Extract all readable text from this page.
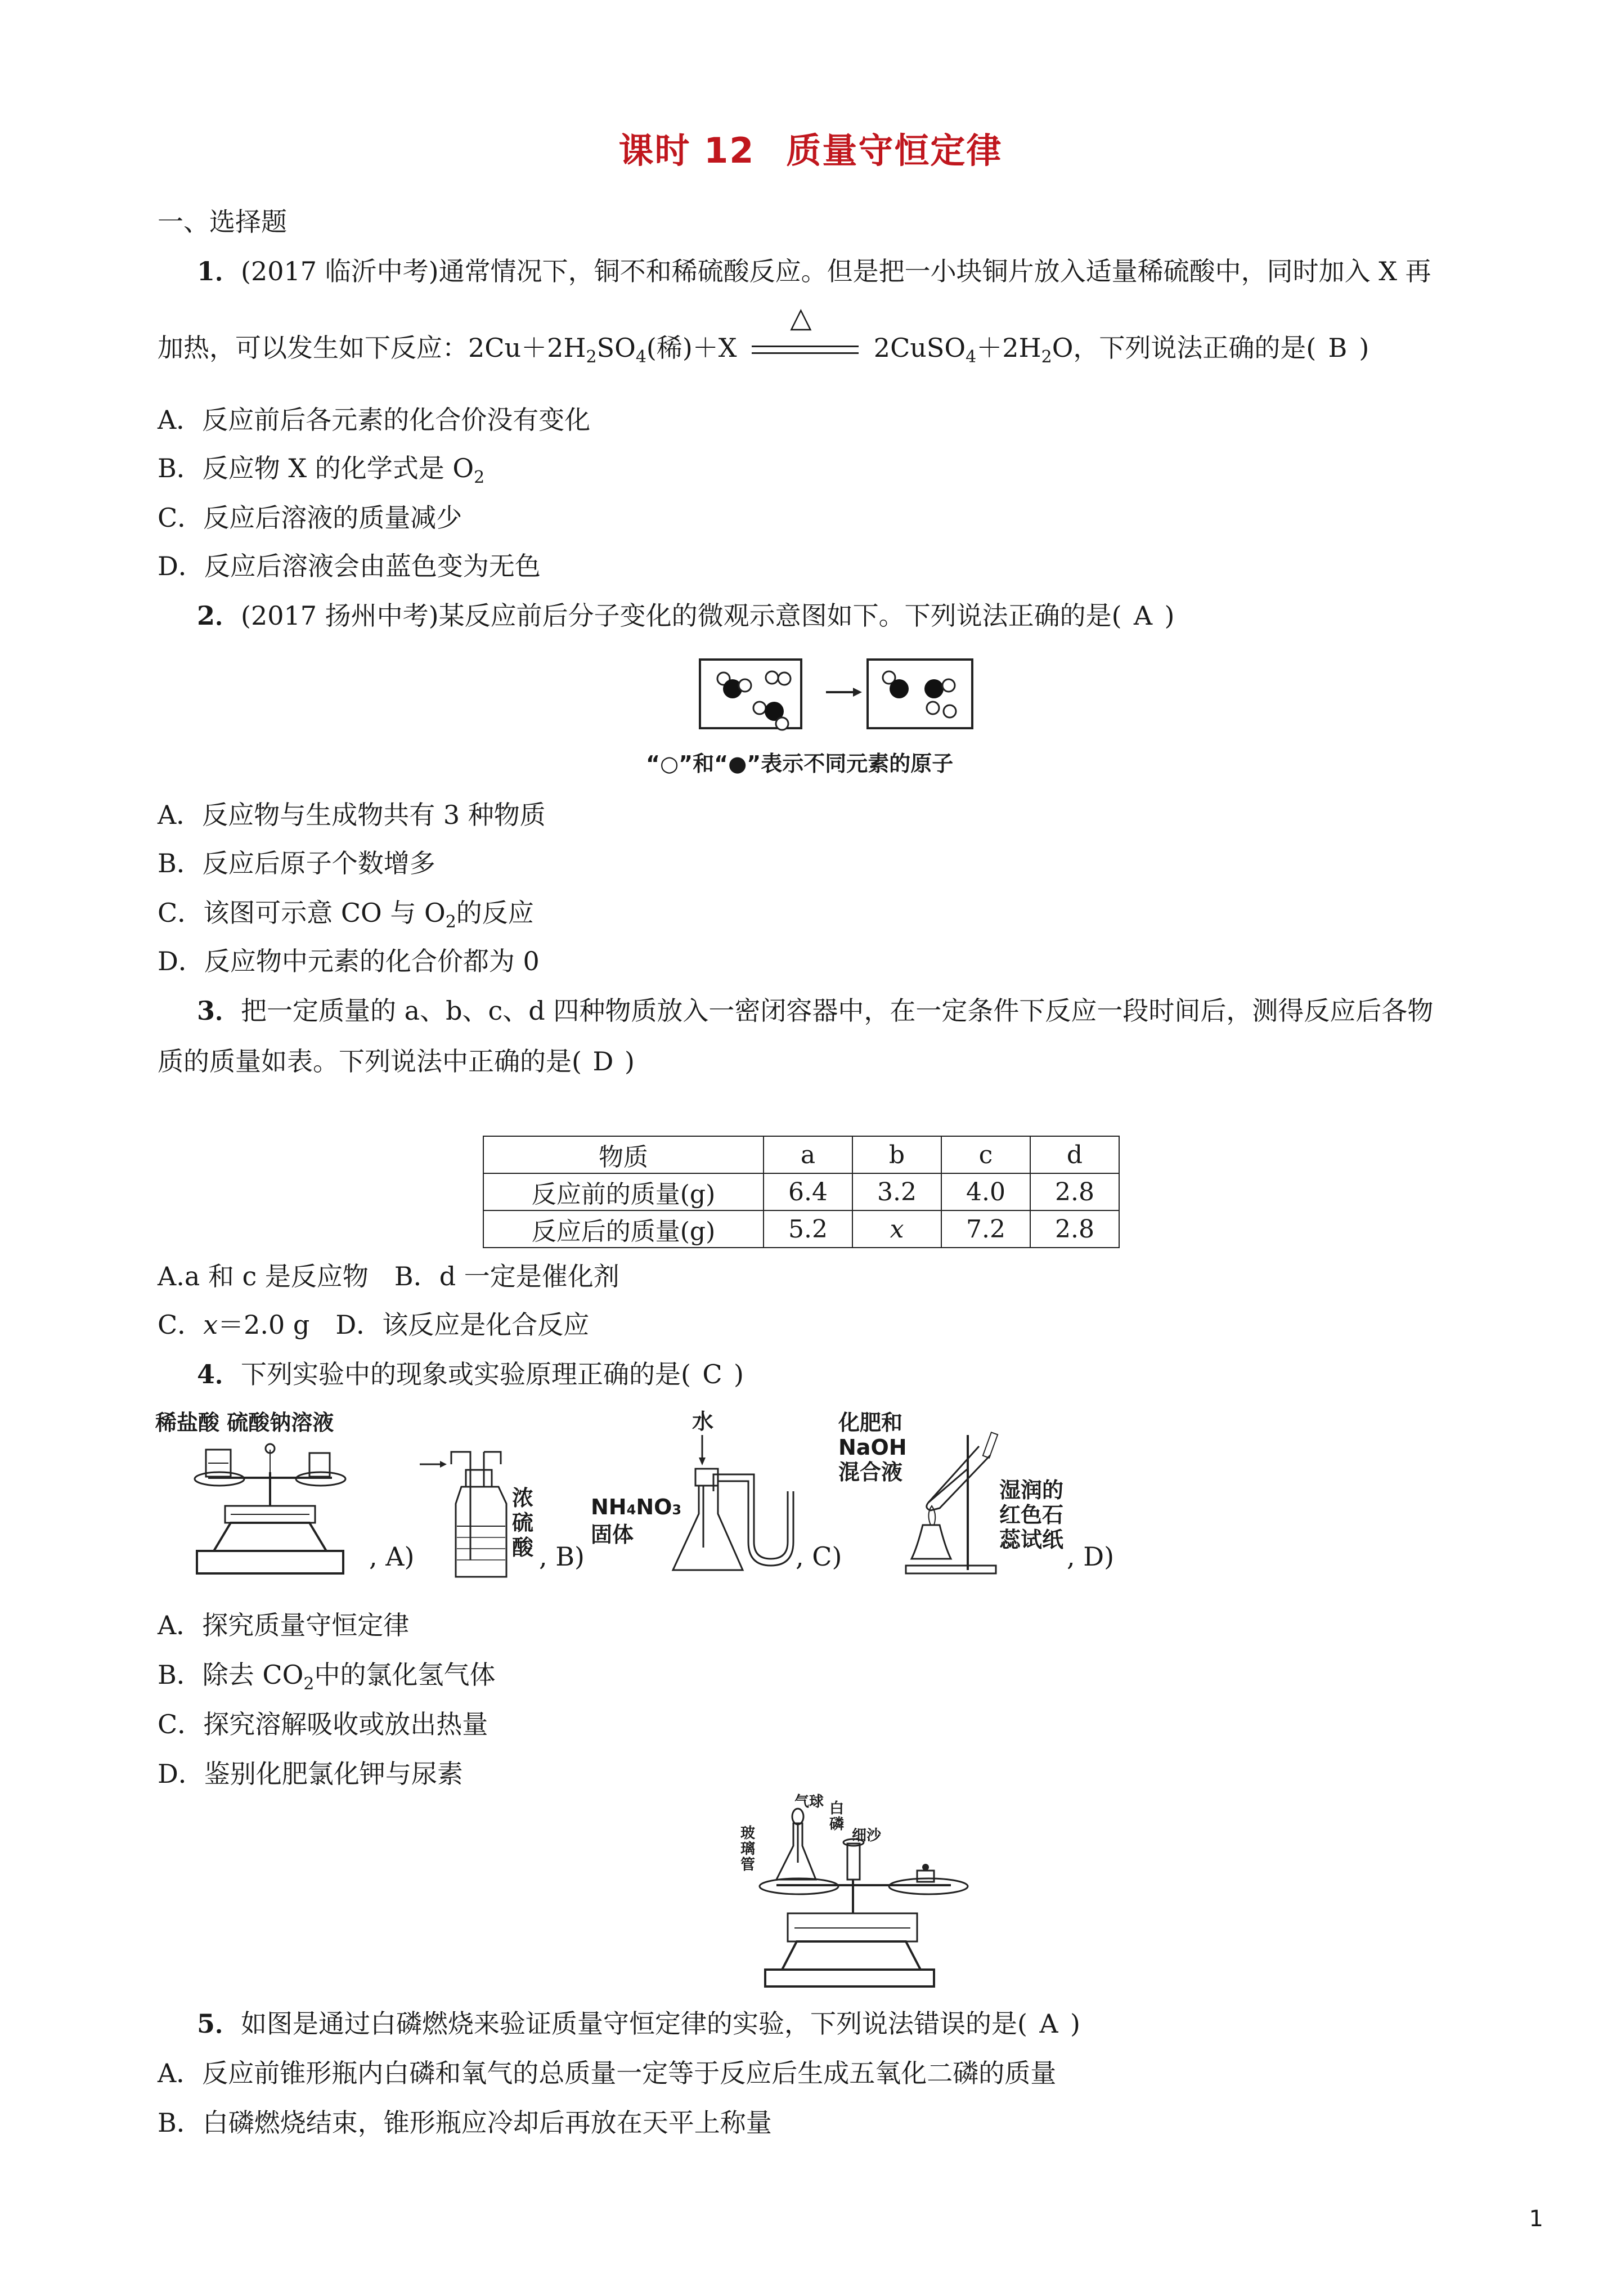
课时 12 质量守恒定律
一、选择题
1．(2017 临沂中考)通常情况下，铜不和稀硫酸反应。但是把一小块铜片放入适量稀硫酸中，同时加入 X 再
加热，可以发生如下反应：$2Cu+2H_2SO_4$(稀)＋X
△
$2CuSO_4+2H_2O$，下列说法正确的是( B )
A．反应前后各元素的化合价没有变化
B．反应物 X 的化学式是 $O_2$
C．反应后溶液的质量减少
D．反应后溶液会由蓝色变为无色
2．(2017 扬州中考)某反应前后分子变化的微观示意图如下。下列说法正确的是( A )
“○”和“●”表示不同元素的原子
A．反应物与生成物共有 3 种物质
B．反应后原子个数增多
C．该图可示意 CO 与 $O_2$的反应
D．反应物中元素的化合价都为 0
3．把一定质量的 a、b、c、d 四种物质放入一密闭容器中，在一定条件下反应一段时间后，测得反应后各物
质的质量如表。下列说法中正确的是( D )
物质	a	b	c	d
反应前的质量(g)	6.4	3.2	4.0	2.8
反应后的质量(g)	5.2	x	7.2	2.8
A.a 和 c 是反应物　B．d 一定是催化剂
C．x＝2.0 g　D．该反应是化合反应
4．下列实验中的现象或实验原理正确的是( C )
稀盐酸 硫酸钠溶液
, A)
浓
硫
酸 , B)
水
NH4NO3
固体
, C)
化肥和
NaOH
混合液
湿润的
红色石
蕊试纸
, D)
A．探究质量守恒定律
B．除去 $CO_2$中的氯化氢气体
C．探究溶解吸收或放出热量
D．鉴别化肥氯化钾与尿素
气球 白
磷
细沙
玻
璃
管
5．如图是通过白磷燃烧来验证质量守恒定律的实验，下列说法错误的是( A )
A．反应前锥形瓶内白磷和氧气的总质量一定等于反应后生成五氧化二磷的质量
B．白磷燃烧结束，锥形瓶应冷却后再放在天平上称量
1
